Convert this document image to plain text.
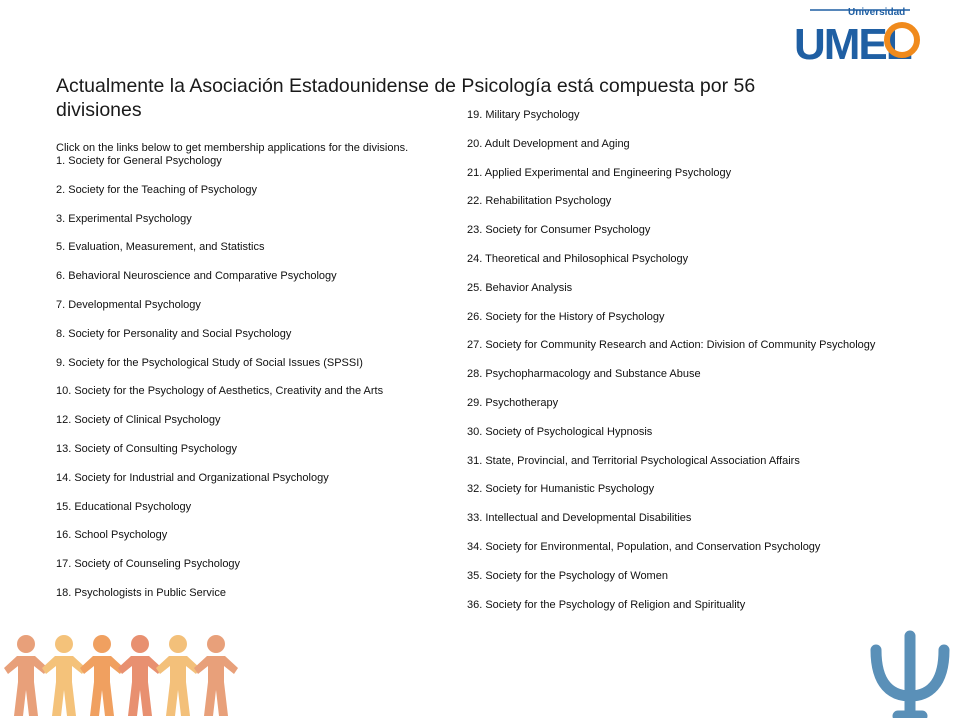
Universidad
UMEL
Actualmente la Asociación Estadounidense de Psicología está compuesta por 56 divisiones
Click on the links below to get membership applications for the divisions.
1. Society for General Psychology
2. Society for the Teaching of Psychology
3. Experimental Psychology
5. Evaluation, Measurement, and Statistics
6. Behavioral Neuroscience and Comparative Psychology
7. Developmental Psychology
8. Society for Personality and Social Psychology
9. Society for the Psychological Study of Social Issues (SPSSI)
10. Society for the Psychology of Aesthetics, Creativity and the Arts
12. Society of Clinical Psychology
13. Society of Consulting Psychology
14. Society for Industrial and Organizational Psychology
15. Educational Psychology
16. School Psychology
17. Society of Counseling Psychology
18. Psychologists in Public Service
19. Military Psychology
20. Adult Development and Aging
21. Applied Experimental and Engineering Psychology
22. Rehabilitation Psychology
23. Society for Consumer Psychology
24. Theoretical and Philosophical Psychology
25. Behavior Analysis
26. Society for the History of Psychology
27. Society for Community Research and Action: Division of Community Psychology
28. Psychopharmacology and Substance Abuse
29. Psychotherapy
30. Society of Psychological Hypnosis
31. State, Provincial, and Territorial Psychological Association Affairs
32. Society for Humanistic Psychology
33. Intellectual and Developmental Disabilities
34. Society for Environmental, Population, and Conservation Psychology
35. Society for the Psychology of Women
36. Society for the Psychology of Religion and Spirituality
